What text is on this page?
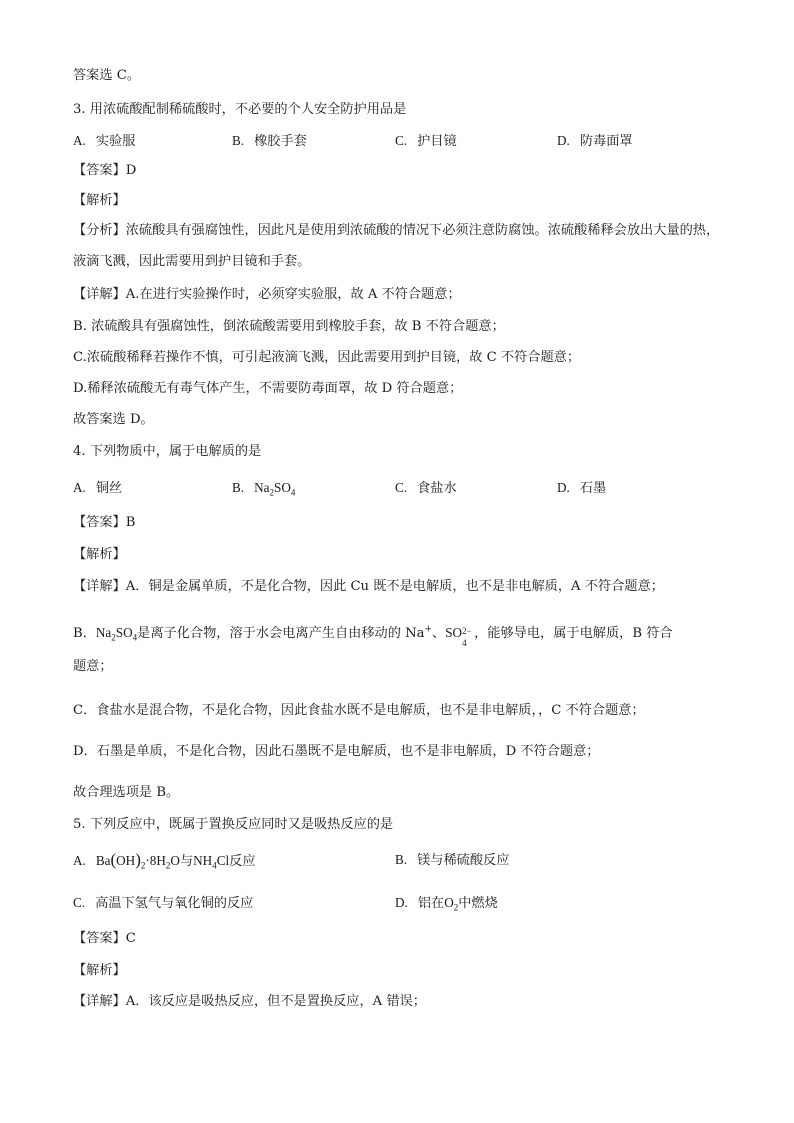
答案选 C。
3. 用浓硫酸配制稀硫酸时，不必要的个人安全防护用品是
A. 实验服	B. 橡胶手套	C. 护目镜	D. 防毒面罩
【答案】D
【解析】
【分析】浓硫酸具有强腐蚀性，因此凡是使用到浓硫酸的情况下必须注意防腐蚀。浓硫酸稀释会放出大量的热，液滴飞溅，因此需要用到护目镜和手套。
【详解】A.在进行实验操作时，必须穿实验服，故 A 不符合题意；
B. 浓硫酸具有强腐蚀性，倒浓硫酸需要用到橡胶手套，故 B 不符合题意；
C.浓硫酸稀释若操作不慎，可引起液滴飞溅，因此需要用到护目镜，故 C 不符合题意；
D.稀释浓硫酸无有毒气体产生，不需要防毒面罩，故 D 符合题意；
故答案选 D。
4. 下列物质中，属于电解质的是
A. 铜丝	B. $Na_2SO_4$	C. 食盐水	D. 石墨
【答案】B
【解析】
【详解】A．铜是金属单质，不是化合物，因此 Cu 既不是电解质，也不是非电解质，A 不符合题意；
B．$Na_2SO_4$是离子化合物，溶于水会电离产生自由移动的 Na+、SO 2−
4
，能够导电，属于电解质，B 符合
题意；
C．食盐水是混合物，不是化合物，因此食盐水既不是电解质，也不是非电解质，，C 不符合题意；
D．石墨是单质，不是化合物，因此石墨既不是电解质，也不是非电解质，D 不符合题意；
故合理选项是 B。
5. 下列反应中，既属于置换反应同时又是吸热反应的是
A. $Ba(OH)_2\cdot 8H_2O$与$NH_4Cl$反应	B. 镁与稀硫酸反应
C. 高温下氢气与氧化铜的反应	D. 铝在$O_2$中燃烧
【答案】C
【解析】
【详解】A．该反应是吸热反应，但不是置换反应，A 错误；
